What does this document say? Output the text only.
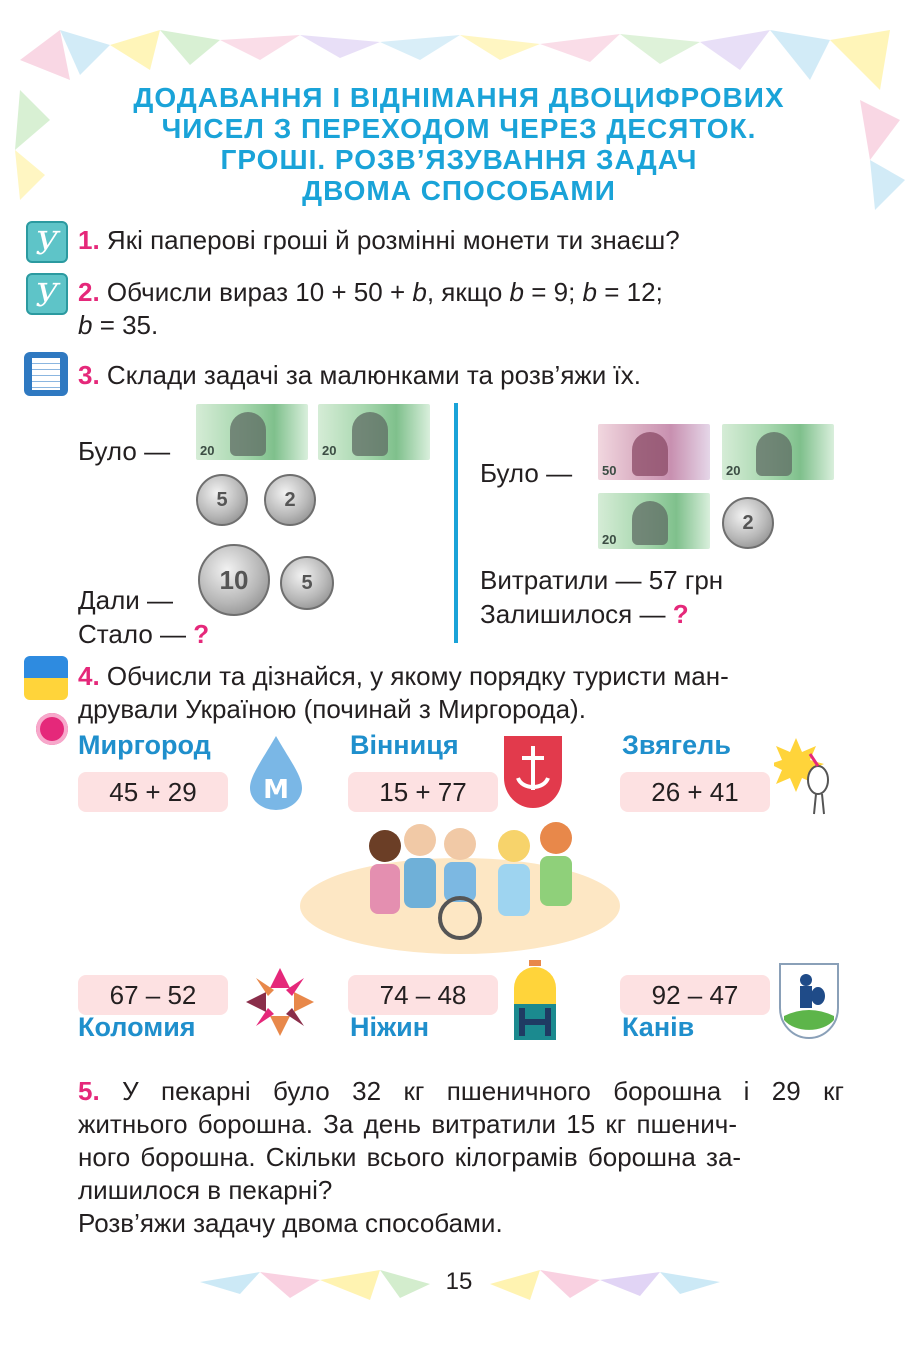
ДОДАВАННЯ І ВІДНІМАННЯ ДВОЦИФРОВИХ
ЧИСЕЛ З ПЕРЕХОДОМ ЧЕРЕЗ ДЕСЯТОК.
ГРОШІ. РОЗВ’ЯЗУВАННЯ ЗАДАЧ
ДВОМА СПОСОБАМИ
У 1. Які паперові гроші й розмінні монети ти знаєш?
У 2. Обчисли вираз 10 + 50 + b, якщо b = 9; b = 12;
b = 35.
3. Склади задачі за малюнками та розв’яжи їх.
20	20
Було —
5	2
10	5
Дали —
Стало — ?
50	20
20
2
Було —
Витратили — 57 грн
Залишилося — ?
4. Обчисли та дізнайся, у якому порядку туристи ман-
дрували Україною (починай з Миргорода).
Миргород
45 + 29	M
Вінниця
15 + 77
Звягель
26 + 41
67 – 52
Коломия
74 – 48
Ніжин
92 – 47
Канів
5. У пекарні було 32 кг пшеничного борошна і 29 кг
житнього борошна. За день витратили 15 кг пшенич-
ного борошна. Скільки всього кілограмів борошна за-
лишилося в пекарні?
Розв’яжи задачу двома способами.
15
